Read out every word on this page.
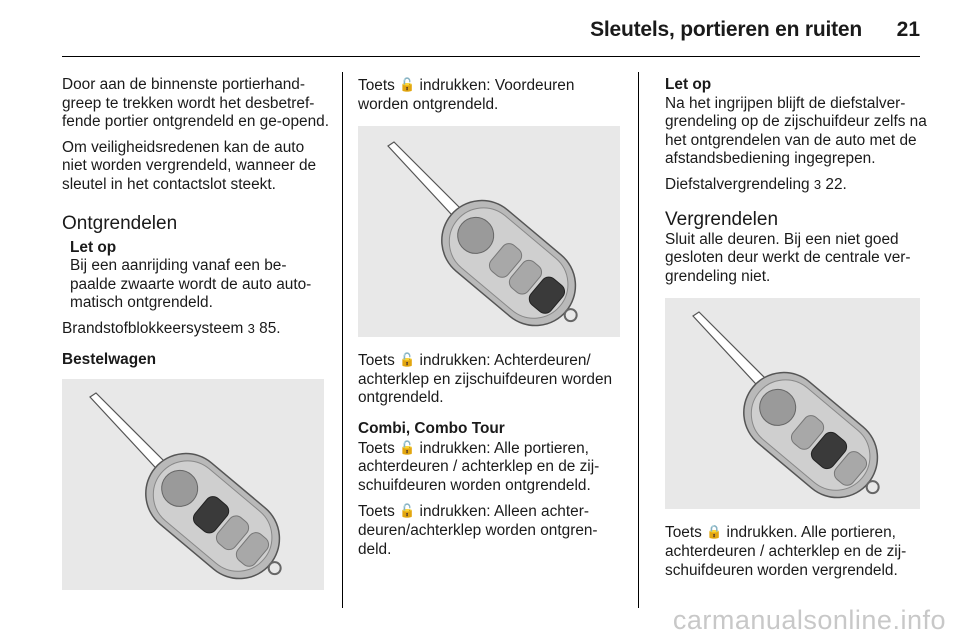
Sleutels, portieren en ruiten 21

Door aan de binnenste portierhand-greep te trekken wordt het desbetref-fende portier ontgrendeld en ge-opend.

Om veiligheidsredenen kan de auto niet worden vergrendeld, wanneer de sleutel in het contactslot steekt.

Ontgrendelen
Let op
Bij een aanrijding vanaf een be-paalde zwaarte wordt de auto auto-matisch ontgrendeld.

Brandstofblokkeersysteem 3 85.

Bestelwagen

Toets 🔓 indrukken: Voordeuren worden ontgrendeld.

Toets 🔓 indrukken: Achterdeuren/ achterklep en zijschuifdeuren worden ontgrendeld.

Combi, Combo Tour

Toets 🔓 indrukken: Alle portieren, achterdeuren / achterklep en de zij-schuifdeuren worden ontgrendeld.

Toets 🔓 indrukken: Alleen achter-deuren/achterklep worden ontgren-deld.

Let op
Na het ingrijpen blijft de diefstalver-grendeling op de zijschuifdeur zelfs na het ontgrendelen van de auto met de afstandsbediening ingegrepen.

Diefstalvergrendeling 3 22.

Vergrendelen

Sluit alle deuren. Bij een niet goed gesloten deur werkt de centrale ver-grendeling niet.

Toets 🔒 indrukken. Alle portieren, achterdeuren / achterklep en de zij-schuifdeuren worden vergrendeld.

carmanualsonline.info
